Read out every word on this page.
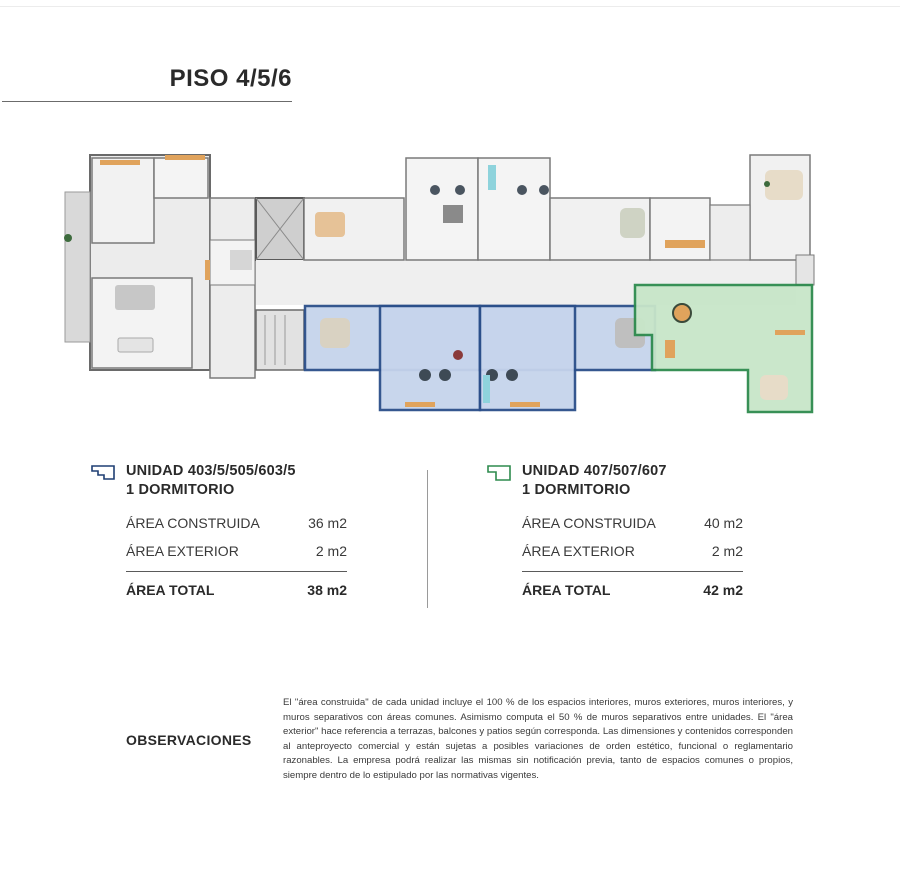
PISO 4/5/6
UNIDAD 403/5/505/603/5
1 DORMITORIO
ÁREA CONSTRUIDA	36 m2
ÁREA EXTERIOR	2 m2
ÁREA TOTAL	38 m2
UNIDAD 407/507/607
1 DORMITORIO
ÁREA CONSTRUIDA	40 m2
ÁREA EXTERIOR	2 m2
ÁREA TOTAL	42 m2
OBSERVACIONES
El "área construida" de cada unidad incluye el 100 % de los espacios interiores, muros exteriores, muros interiores, y muros separativos con áreas comunes. Asimismo computa el 50 % de muros separativos entre unidades. El "área exterior" hace referencia a terrazas, balcones y patios según corresponda. Las dimensiones y contenidos corresponden al anteproyecto comercial y están sujetas a posibles variaciones de orden estético, funcional o reglamentario razonables. La empresa podrá realizar las mismas sin notificación previa, tanto de espacios comunes o propios, siempre dentro de lo estipulado por las normativas vigentes.
